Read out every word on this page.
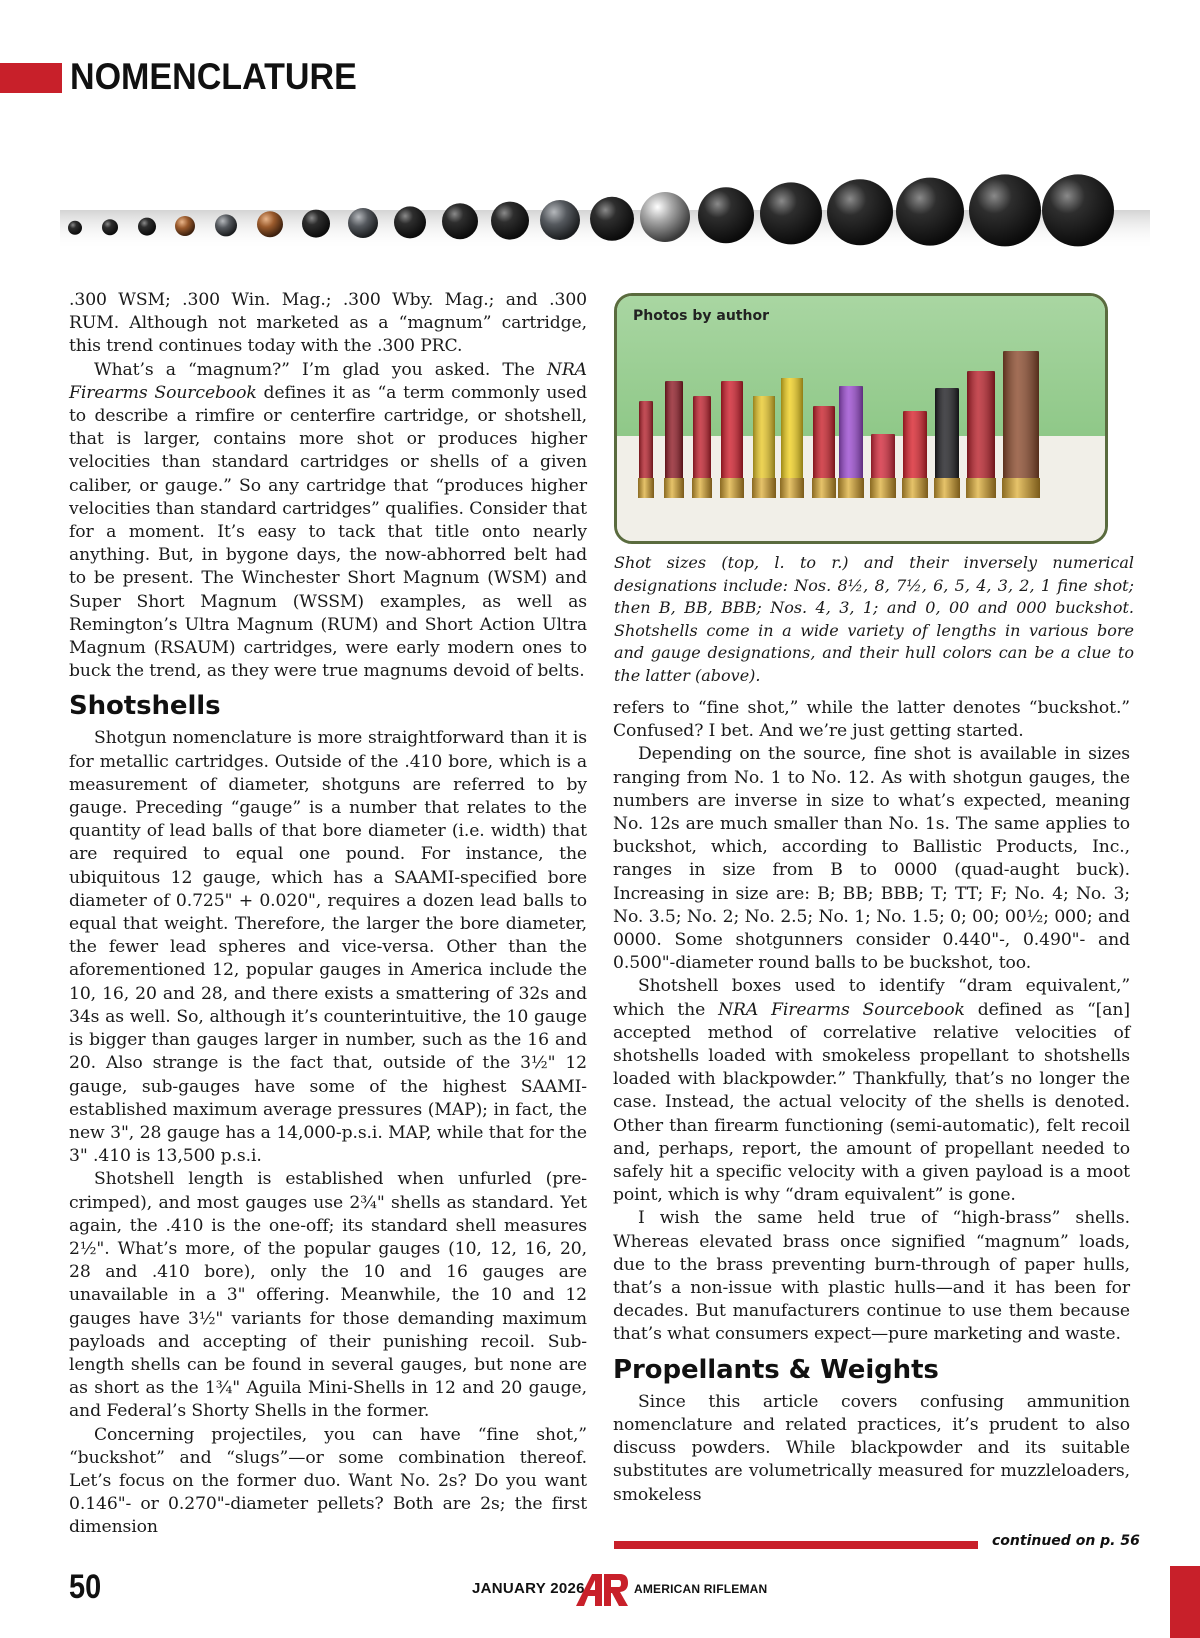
NOMENCLATURE

.300 WSM; .300 Win. Mag.; .300 Wby. Mag.; and .300 RUM. Although not marketed as a “magnum” cartridge, this trend continues today with the .300 PRC.

What’s a “magnum?” I’m glad you asked. The NRA Firearms Sourcebook defines it as “a term commonly used to describe a rimfire or centerfire cartridge, or shotshell, that is larger, contains more shot or produces higher velocities than standard cartridges or shells of a given caliber, or gauge.” So any cartridge that “produces higher velocities than standard cartridges” qualifies. Consider that for a moment. It’s easy to tack that title onto nearly anything. But, in bygone days, the now-abhorred belt had to be present. The Winchester Short Magnum (WSM) and Super Short Magnum (WSSM) examples, as well as Remington’s Ultra Magnum (RUM) and Short Action Ultra Magnum (RSAUM) cartridges, were early modern ones to buck the trend, as they were true magnums devoid of belts.

Shotshells

Shotgun nomenclature is more straightforward than it is for metallic cartridges. Outside of the .410 bore, which is a measurement of diameter, shotguns are referred to by gauge. Preceding “gauge” is a number that relates to the quantity of lead balls of that bore diameter (i.e. width) that are required to equal one pound. For instance, the ubiquitous 12 gauge, which has a SAAMI-specified bore diameter of 0.725" + 0.020", requires a dozen lead balls to equal that weight. Therefore, the larger the bore diameter, the fewer lead spheres and vice-versa. Other than the aforementioned 12, popular gauges in America include the 10, 16, 20 and 28, and there exists a smattering of 32s and 34s as well. So, although it’s counterintuitive, the 10 gauge is bigger than gauges larger in number, such as the 16 and 20. Also strange is the fact that, outside of the 3½" 12 gauge, sub-gauges have some of the highest SAAMI-established maximum average pressures (MAP); in fact, the new 3", 28 gauge has a 14,000-p.s.i. MAP, while that for the 3" .410 is 13,500 p.s.i.

Shotshell length is established when unfurled (pre-crimped), and most gauges use 2¾" shells as standard. Yet again, the .410 is the one-off; its standard shell measures 2½". What’s more, of the popular gauges (10, 12, 16, 20, 28 and .410 bore), only the 10 and 16 gauges are unavailable in a 3" offering. Meanwhile, the 10 and 12 gauges have 3½" variants for those demanding maximum payloads and accepting of their punishing recoil. Sub-length shells can be found in several gauges, but none are as short as the 1¾" Aguila Mini-Shells in 12 and 20 gauge, and Federal’s Shorty Shells in the former.

Concerning projectiles, you can have “fine shot,” “buckshot” and “slugs”—or some combination thereof. Let’s focus on the former duo. Want No. 2s? Do you want 0.146"- or 0.270"-diameter pellets? Both are 2s; the first dimension

Photos by author
Shot sizes (top, l. to r.) and their inversely numerical designations include: Nos. 8½, 8, 7½, 6, 5, 4, 3, 2, 1 fine shot; then B, BB, BBB; Nos. 4, 3, 1; and 0, 00 and 000 buckshot. Shotshells come in a wide variety of lengths in various bore and gauge designations, and their hull colors can be a clue to the latter (above).

refers to “fine shot,” while the latter denotes “buckshot.” Confused? I bet. And we’re just getting started.

Depending on the source, fine shot is available in sizes ranging from No. 1 to No. 12. As with shotgun gauges, the numbers are inverse in size to what’s expected, meaning No. 12s are much smaller than No. 1s. The same applies to buckshot, which, according to Ballistic Products, Inc., ranges in size from B to 0000 (quad-aught buck). Increasing in size are: B; BB; BBB; T; TT; F; No. 4; No. 3; No. 3.5; No. 2; No. 2.5; No. 1; No. 1.5; 0; 00; 00½; 000; and 0000. Some shotgunners consider 0.440"-, 0.490"- and 0.500"-diameter round balls to be buckshot, too.

Shotshell boxes used to identify “dram equivalent,” which the NRA Firearms Sourcebook defined as “[an] accepted method of correlative relative velocities of shotshells loaded with smokeless propellant to shotshells loaded with blackpowder.” Thankfully, that’s no longer the case. Instead, the actual velocity of the shells is denoted. Other than firearm functioning (semi-automatic), felt recoil and, perhaps, report, the amount of propellant needed to safely hit a specific velocity with a given payload is a moot point, which is why “dram equivalent” is gone.

I wish the same held true of “high-brass” shells. Whereas elevated brass once signified “magnum” loads, due to the brass preventing burn-through of paper hulls, that’s a non-issue with plastic hulls—and it has been for decades. But manufacturers continue to use them because that’s what consumers expect—pure marketing and waste.

Propellants & Weights

Since this article covers confusing ammunition nomenclature and related practices, it’s prudent to also discuss powders. While blackpowder and its suitable substitutes are volumetrically measured for muzzleloaders, smokeless

continued on p. 56
50	JANUARY 2026	AMERICAN RIFLEMAN
